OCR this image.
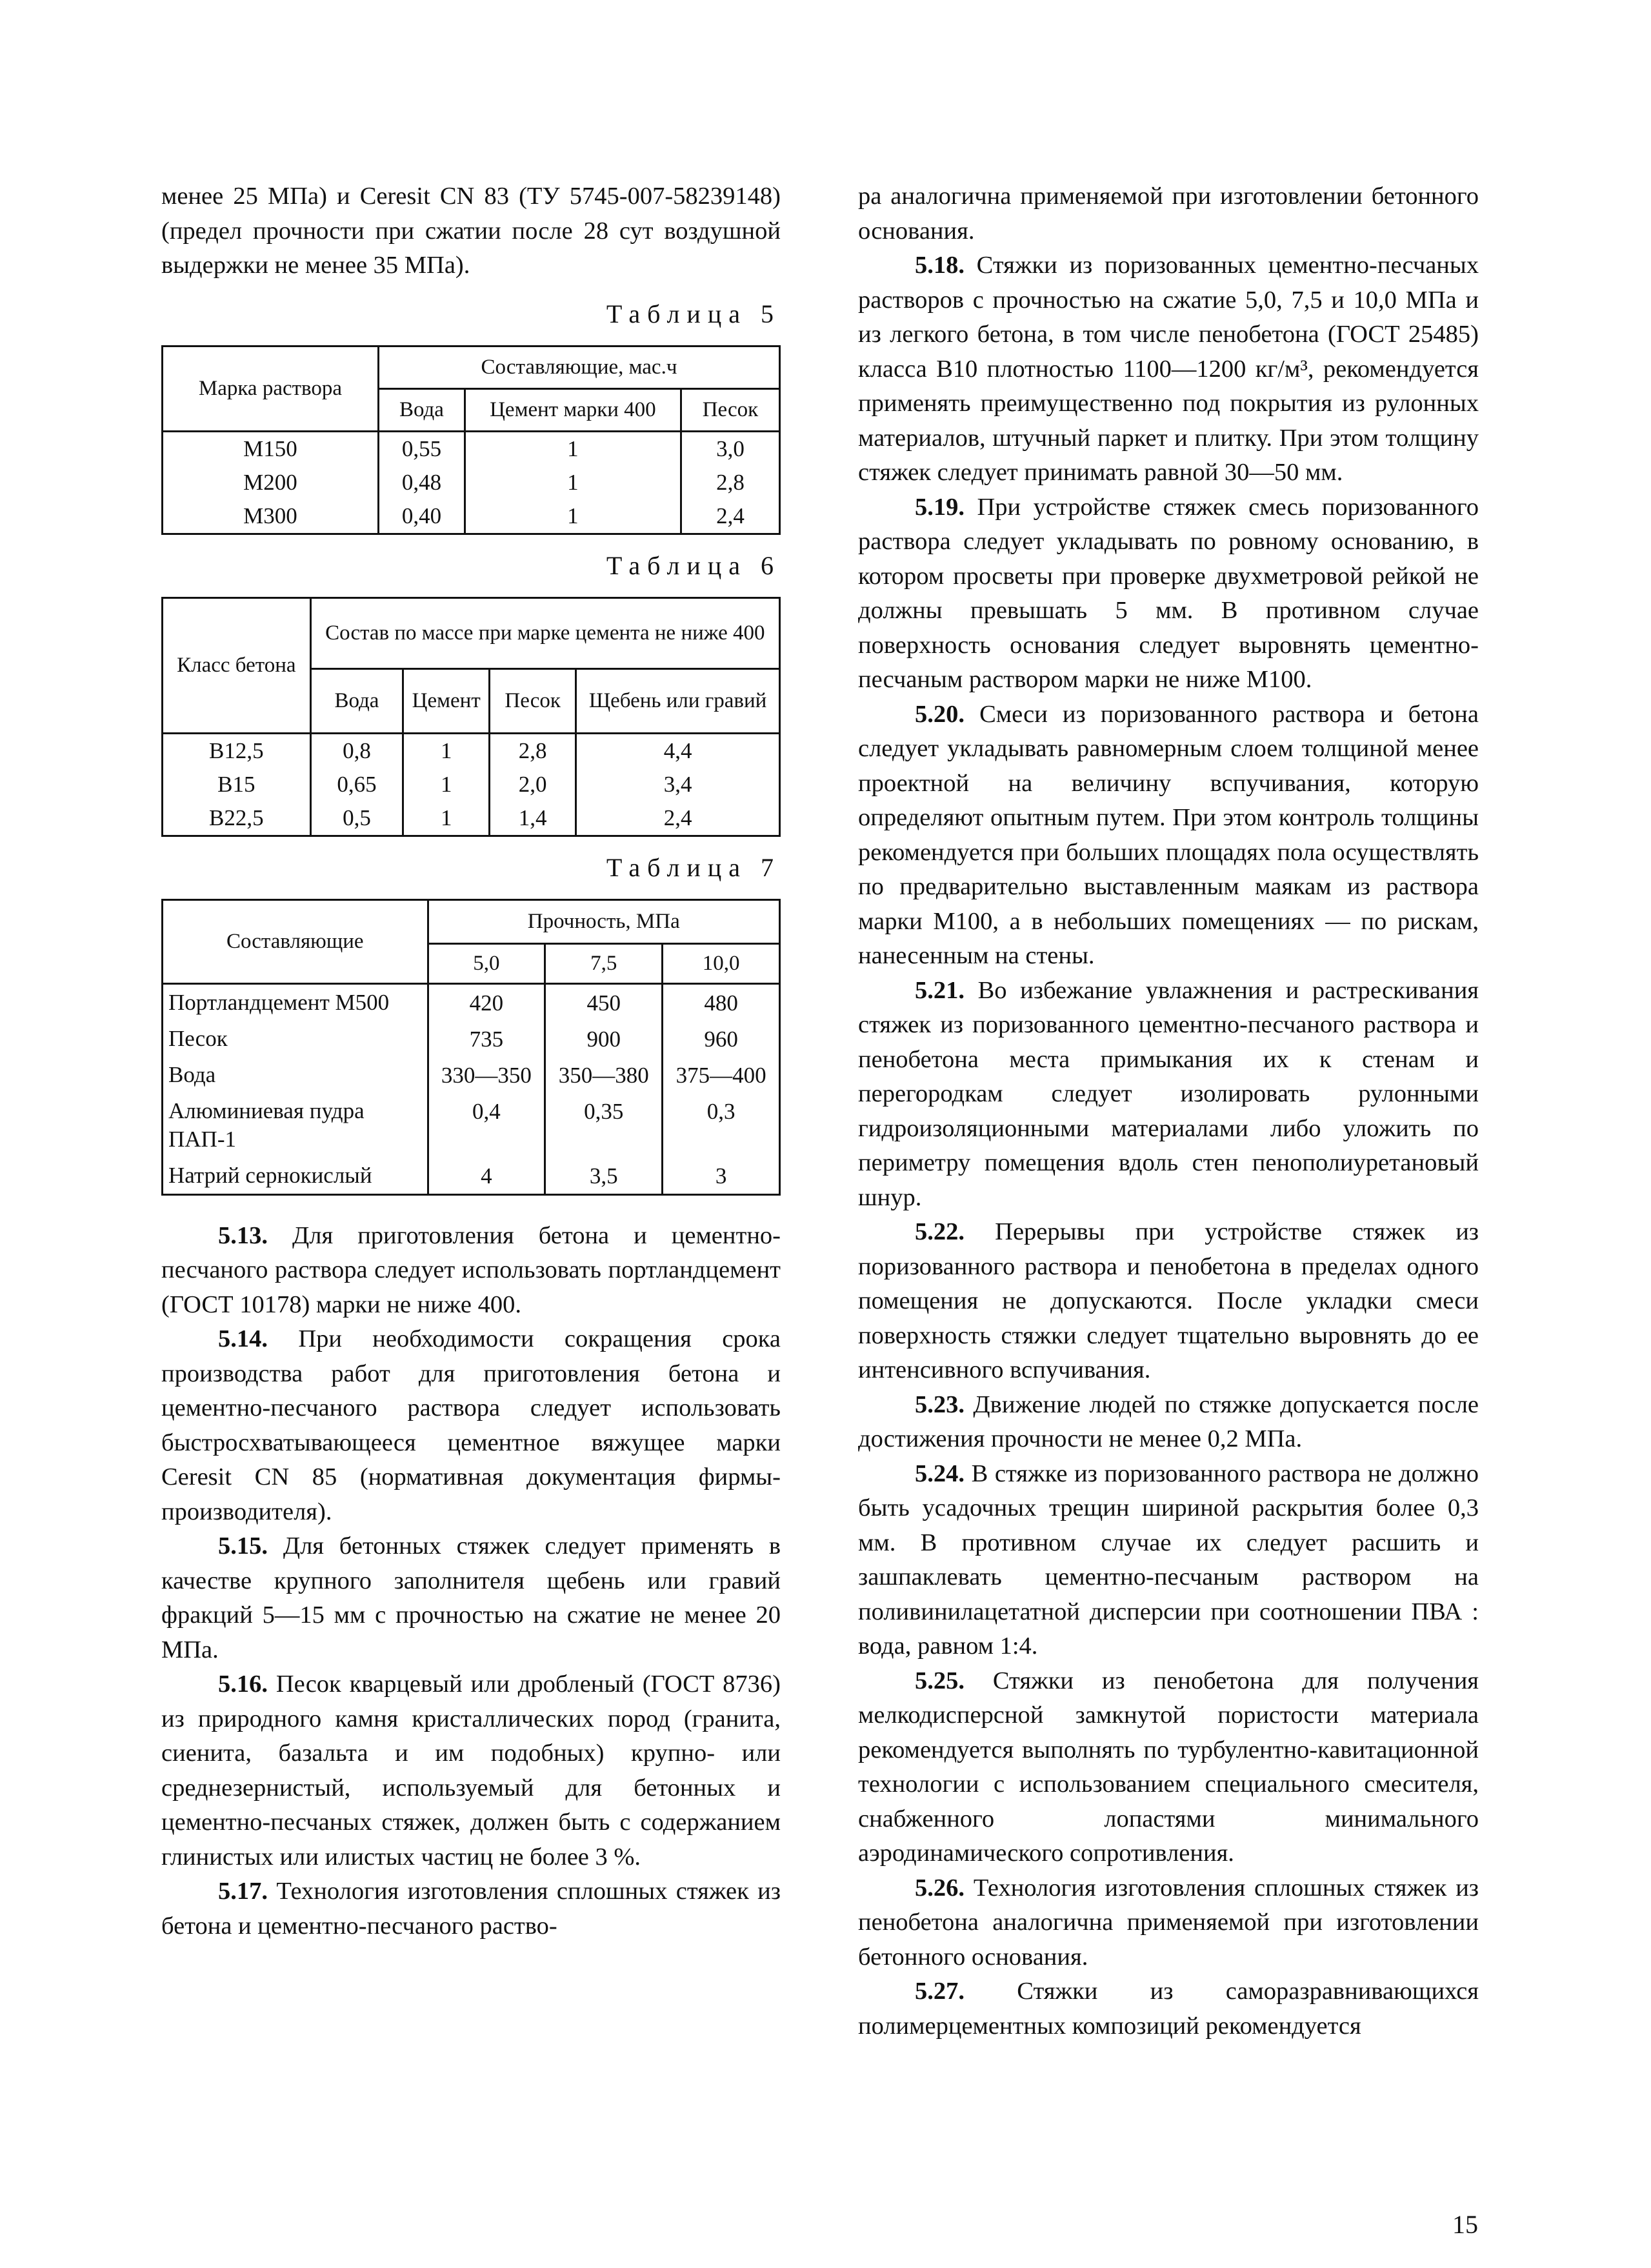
менее 25 МПа) и Ceresit CN 83 (ТУ 5745-007-58239148) (предел прочности при сжатии после 28 сут воздушной выдержки не менее 35 МПа).

Таблица 5
Марка раствора	Составляющие, мас.ч		
	Вода	Цемент марки 400	Песок
М150	0,55	1	3,0
М200	0,48	1	2,8
М300	0,40	1	2,4
Таблица 6
Класс бетона	Состав по массе при марке цемента не ниже 400			
	Вода	Цемент	Песок	Щебень или гравий
В12,5	0,8	1	2,8	4,4
В15	0,65	1	2,0	3,4
В22,5	0,5	1	1,4	2,4
Таблица 7
Составляющие	Прочность, МПа		
	5,0	7,5	10,0
Портландцемент М500	420	450	480
Песок	735	900	960
Вода	330—350	350—380	375—400
Алюминиевая пудра ПАП-1	0,4	0,35	0,3
Натрий сернокислый	4	3,5	3

5.13. Для приготовления бетона и цементно-песчаного раствора следует использовать портландцемент (ГОСТ 10178) марки не ниже 400.

5.14. При необходимости сокращения срока производства работ для приготовления бетона и цементно-песчаного раствора следует использовать быстросхватывающееся цементное вяжущее марки Ceresit CN 85 (нормативная документация фирмы-производителя).

5.15. Для бетонных стяжек следует применять в качестве крупного заполнителя щебень или гравий фракций 5—15 мм с прочностью на сжатие не менее 20 МПа.

5.16. Песок кварцевый или дробленый (ГОСТ 8736) из природного камня кристаллических пород (гранита, сиенита, базальта и им подобных) крупно- или среднезернистый, используемый для бетонных и цементно-песчаных стяжек, должен быть с содержанием глинистых или илистых частиц не более 3 %.

5.17. Технология изготовления сплошных стяжек из бетона и цементно-песчаного раство-

ра аналогична применяемой при изготовлении бетонного основания.

5.18. Стяжки из поризованных цементно-песчаных растворов с прочностью на сжатие 5,0, 7,5 и 10,0 МПа и из легкого бетона, в том числе пенобетона (ГОСТ 25485) класса В10 плотностью 1100—1200 кг/м³, рекомендуется применять преимущественно под покрытия из рулонных материалов, штучный паркет и плитку. При этом толщину стяжек следует принимать равной 30—50 мм.

5.19. При устройстве стяжек смесь поризованного раствора следует укладывать по ровному основанию, в котором просветы при проверке двухметровой рейкой не должны превышать 5 мм. В противном случае поверхность основания следует выровнять цементно-песчаным раствором марки не ниже М100.

5.20. Смеси из поризованного раствора и бетона следует укладывать равномерным слоем толщиной менее проектной на величину вспучивания, которую определяют опытным путем. При этом контроль толщины рекомендуется при больших площадях пола осуществлять по предварительно выставленным маякам из раствора марки М100, а в небольших помещениях — по рискам, нанесенным на стены.

5.21. Во избежание увлажнения и растрескивания стяжек из поризованного цементно-песчаного раствора и пенобетона места примыкания их к стенам и перегородкам следует изолировать рулонными гидроизоляционными материалами либо уложить по периметру помещения вдоль стен пенополиуретановый шнур.

5.22. Перерывы при устройстве стяжек из поризованного раствора и пенобетона в пределах одного помещения не допускаются. После укладки смеси поверхность стяжки следует тщательно выровнять до ее интенсивного вспучивания.

5.23. Движение людей по стяжке допускается после достижения прочности не менее 0,2 МПа.

5.24. В стяжке из поризованного раствора не должно быть усадочных трещин шириной раскрытия более 0,3 мм. В противном случае их следует расшить и зашпаклевать цементно-песчаным раствором на поливинилацетатной дисперсии при соотношении ПВА : вода, равном 1:4.

5.25. Стяжки из пенобетона для получения мелкодисперсной замкнутой пористости материала рекомендуется выполнять по турбулентно-кавитационной технологии с использованием специального смесителя, снабженного лопастями минимального аэродинамического сопротивления.

5.26. Технология изготовления сплошных стяжек из пенобетона аналогична применяемой при изготовлении бетонного основания.

5.27. Стяжки из саморазравнивающихся полимерцементных композиций рекомендуется

15
